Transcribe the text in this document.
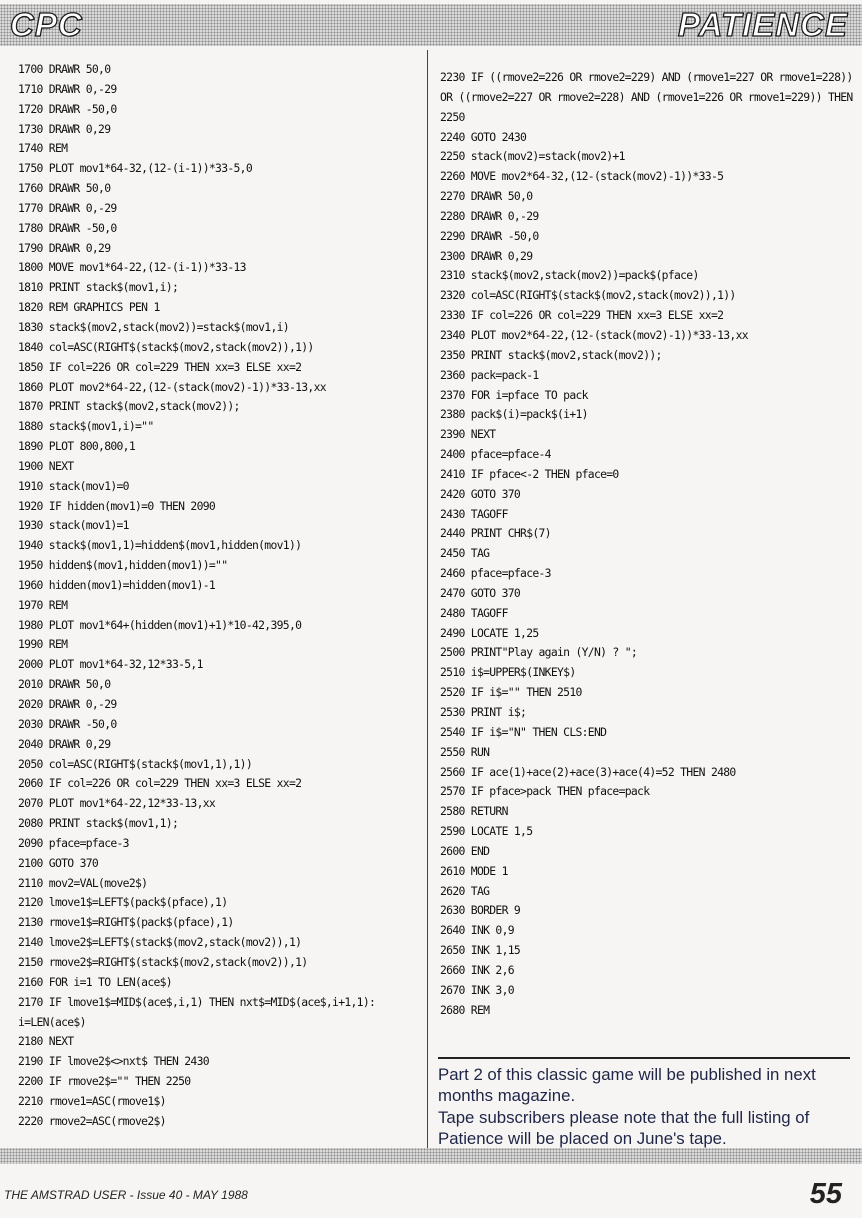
CPC	PATIENCE
1700 DRAWR 50,0
1710 DRAWR 0,-29
1720 DRAWR -50,0
1730 DRAWR 0,29
1740 REM
1750 PLOT mov1*64-32,(12-(i-1))*33-5,0
1760 DRAWR 50,0
1770 DRAWR 0,-29
1780 DRAWR -50,0
1790 DRAWR 0,29
1800 MOVE mov1*64-22,(12-(i-1))*33-13
1810 PRINT stack$(mov1,i);
1820 REM GRAPHICS PEN 1
1830 stack$(mov2,stack(mov2))=stack$(mov1,i)
1840 col=ASC(RIGHT$(stack$(mov2,stack(mov2)),1))
1850 IF col=226 OR col=229 THEN xx=3 ELSE xx=2
1860 PLOT mov2*64-22,(12-(stack(mov2)-1))*33-13,xx
1870 PRINT stack$(mov2,stack(mov2));
1880 stack$(mov1,i)=""
1890 PLOT 800,800,1
1900 NEXT
1910 stack(mov1)=0
1920 IF hidden(mov1)=0 THEN 2090
1930 stack(mov1)=1
1940 stack$(mov1,1)=hidden$(mov1,hidden(mov1))
1950 hidden$(mov1,hidden(mov1))=""
1960 hidden(mov1)=hidden(mov1)-1
1970 REM
1980 PLOT mov1*64+(hidden(mov1)+1)*10-42,395,0
1990 REM
2000 PLOT mov1*64-32,12*33-5,1
2010 DRAWR 50,0
2020 DRAWR 0,-29
2030 DRAWR -50,0
2040 DRAWR 0,29
2050 col=ASC(RIGHT$(stack$(mov1,1),1))
2060 IF col=226 OR col=229 THEN xx=3 ELSE xx=2
2070 PLOT mov1*64-22,12*33-13,xx
2080 PRINT stack$(mov1,1);
2090 pface=pface-3
2100 GOTO 370
2110 mov2=VAL(move2$)
2120 lmove1$=LEFT$(pack$(pface),1)
2130 rmove1$=RIGHT$(pack$(pface),1)
2140 lmove2$=LEFT$(stack$(mov2,stack(mov2)),1)
2150 rmove2$=RIGHT$(stack$(mov2,stack(mov2)),1)
2160 FOR i=1 TO LEN(ace$)
2170 IF lmove1$=MID$(ace$,i,1) THEN nxt$=MID$(ace$,i+1,1):
i=LEN(ace$)
2180 NEXT
2190 IF lmove2$<>nxt$ THEN 2430
2200 IF rmove2$="" THEN 2250
2210 rmove1=ASC(rmove1$)
2220 rmove2=ASC(rmove2$)
2230 IF ((rmove2=226 OR rmove2=229) AND (rmove1=227 OR rmove1=228)) OR ((rmove2=227 OR rmove2=228) AND (rmove1=226 OR rmove1=229)) THEN 2250
2240 GOTO 2430
2250 stack(mov2)=stack(mov2)+1
2260 MOVE mov2*64-32,(12-(stack(mov2)-1))*33-5
2270 DRAWR 50,0
2280 DRAWR 0,-29
2290 DRAWR -50,0
2300 DRAWR 0,29
2310 stack$(mov2,stack(mov2))=pack$(pface)
2320 col=ASC(RIGHT$(stack$(mov2,stack(mov2)),1))
2330 IF col=226 OR col=229 THEN xx=3 ELSE xx=2
2340 PLOT mov2*64-22,(12-(stack(mov2)-1))*33-13,xx
2350 PRINT stack$(mov2,stack(mov2));
2360 pack=pack-1
2370 FOR i=pface TO pack
2380 pack$(i)=pack$(i+1)
2390 NEXT
2400 pface=pface-4
2410 IF pface<-2 THEN pface=0
2420 GOTO 370
2430 TAGOFF
2440 PRINT CHR$(7)
2450 TAG
2460 pface=pface-3
2470 GOTO 370
2480 TAGOFF
2490 LOCATE 1,25
2500 PRINT"Play again (Y/N) ? ";
2510 i$=UPPER$(INKEY$)
2520 IF i$="" THEN 2510
2530 PRINT i$;
2540 IF i$="N" THEN CLS:END
2550 RUN
2560 IF ace(1)+ace(2)+ace(3)+ace(4)=52 THEN 2480
2570 IF pface>pack THEN pface=pack
2580 RETURN
2590 LOCATE 1,5
2600 END
2610 MODE 1
2620 TAG
2630 BORDER 9
2640 INK 0,9
2650 INK 1,15
2660 INK 2,6
2670 INK 3,0
2680 REM

Part 2 of this classic game will be published in next months magazine.

Tape subscribers please note that the full listing of Patience will be placed on June's tape.

THE AMSTRAD USER - Issue 40 - MAY 1988	55
